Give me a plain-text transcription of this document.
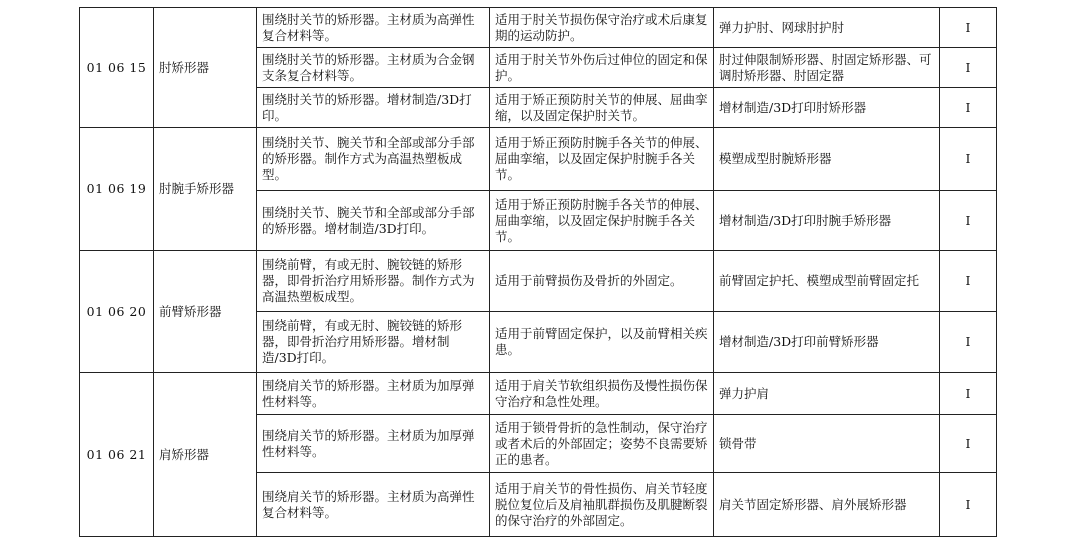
01 06 15	肘矫形器	围绕肘关节的矫形器。主材质为高弹性复合材料等。	适用于肘关节损伤保守治疗或术后康复期的运动防护。	弹力护肘、网球肘护肘	I
		围绕肘关节的矫形器。主材质为合金钢支条复合材料等。	适用于肘关节外伤后过伸位的固定和保护。	肘过伸限制矫形器、肘固定矫形器、可调肘矫形器、肘固定器	I
		围绕肘关节的矫形器。增材制造/3D打印。	适用于矫正预防肘关节的伸展、屈曲挛缩，以及固定保护肘关节。	增材制造/3D打印肘矫形器	I
01 06 19	肘腕手矫形器	围绕肘关节、腕关节和全部或部分手部的矫形器。制作方式为高温热塑板成型。	适用于矫正预防肘腕手各关节的伸展、屈曲挛缩，以及固定保护肘腕手各关节。	模塑成型肘腕矫形器	I
		围绕肘关节、腕关节和全部或部分手部的矫形器。增材制造/3D打印。	适用于矫正预防肘腕手各关节的伸展、屈曲挛缩，以及固定保护肘腕手各关节。	增材制造/3D打印肘腕手矫形器	I
01 06 20	前臂矫形器	围绕前臂，有或无肘、腕铰链的矫形器，即骨折治疗用矫形器。制作方式为高温热塑板成型。	适用于前臂损伤及骨折的外固定。	前臂固定护托、模塑成型前臂固定托	I
		围绕前臂，有或无肘、腕铰链的矫形器，即骨折治疗用矫形器。增材制造/3D打印。	适用于前臂固定保护，以及前臂相关疾患。	增材制造/3D打印前臂矫形器	I
01 06 21	肩矫形器	围绕肩关节的矫形器。主材质为加厚弹性材料等。	适用于肩关节软组织损伤及慢性损伤保守治疗和急性处理。	弹力护肩	I
		围绕肩关节的矫形器。主材质为加厚弹性材料等。	适用于锁骨骨折的急性制动，保守治疗或者术后的外部固定；姿势不良需要矫正的患者。	锁骨带	I
		围绕肩关节的矫形器。主材质为高弹性复合材料等。	适用于肩关节的骨性损伤、肩关节轻度脱位复位后及肩袖肌群损伤及肌腱断裂的保守治疗的外部固定。	肩关节固定矫形器、肩外展矫形器	I
